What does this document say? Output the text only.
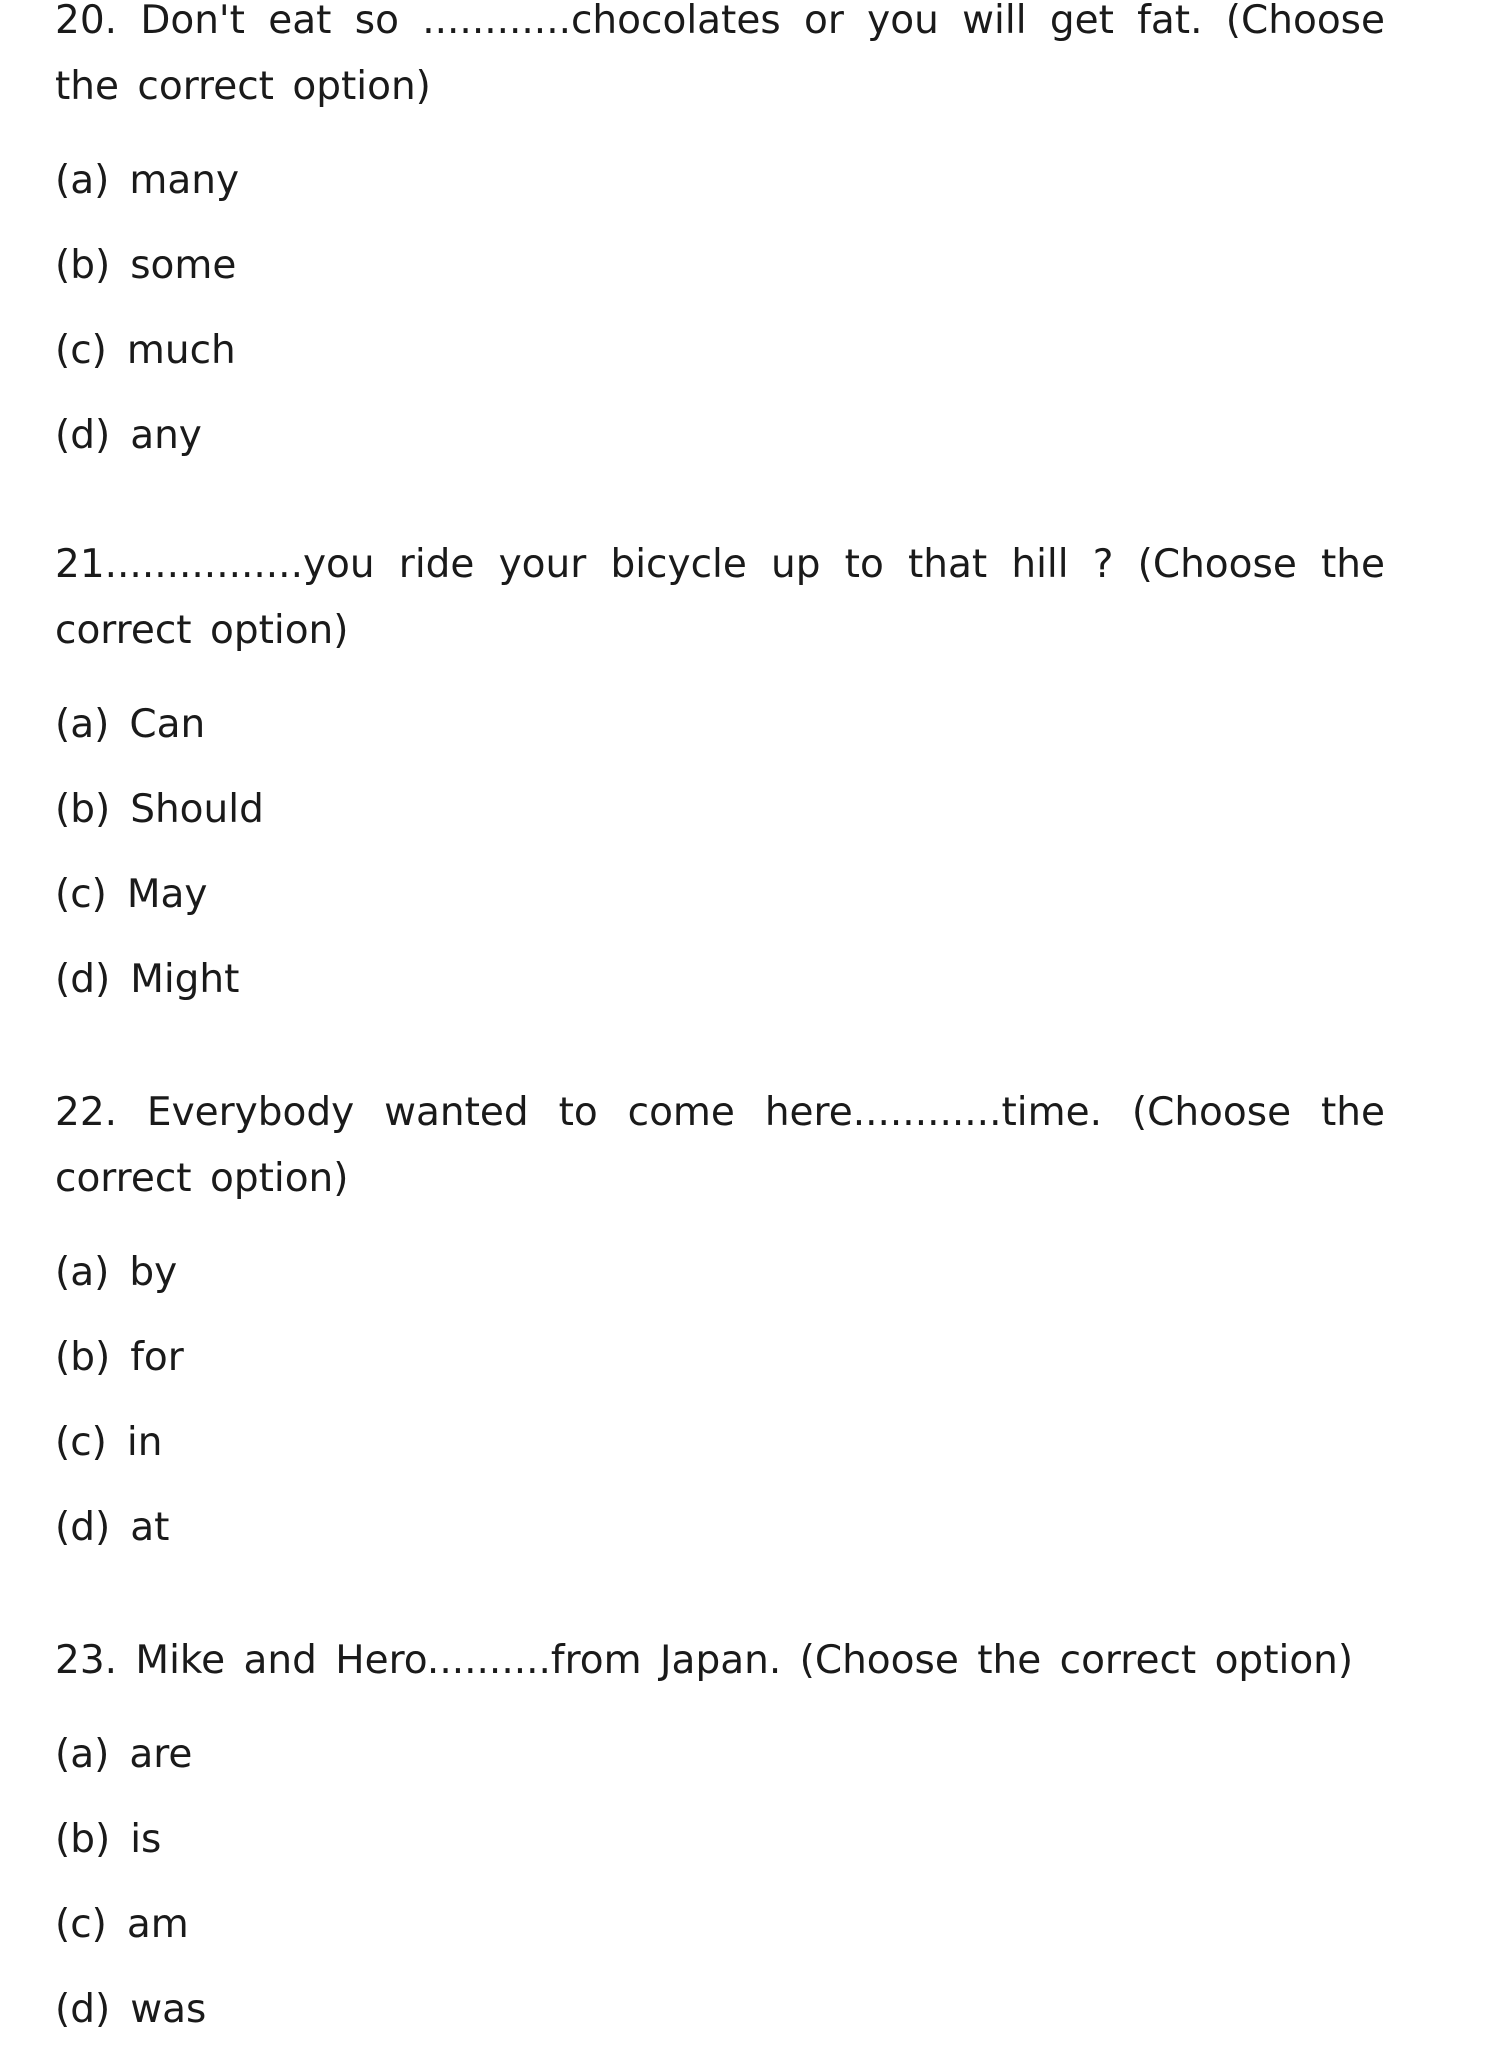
20. Don't eat so ............chocolates or you will get fat. (Choose the correct option)

(a) many
(b) some
(c) much
(d) any

21................you ride your bicycle up to that hill ? (Choose the correct option)

(a) Can
(b) Should
(c) May
(d) Might

22. Everybody wanted to come here............time. (Choose the correct option)

(a) by
(b) for
(c) in
(d) at

23. Mike and Hero..........from Japan. (Choose the correct option)

(a) are
(b) is
(c) am
(d) was
